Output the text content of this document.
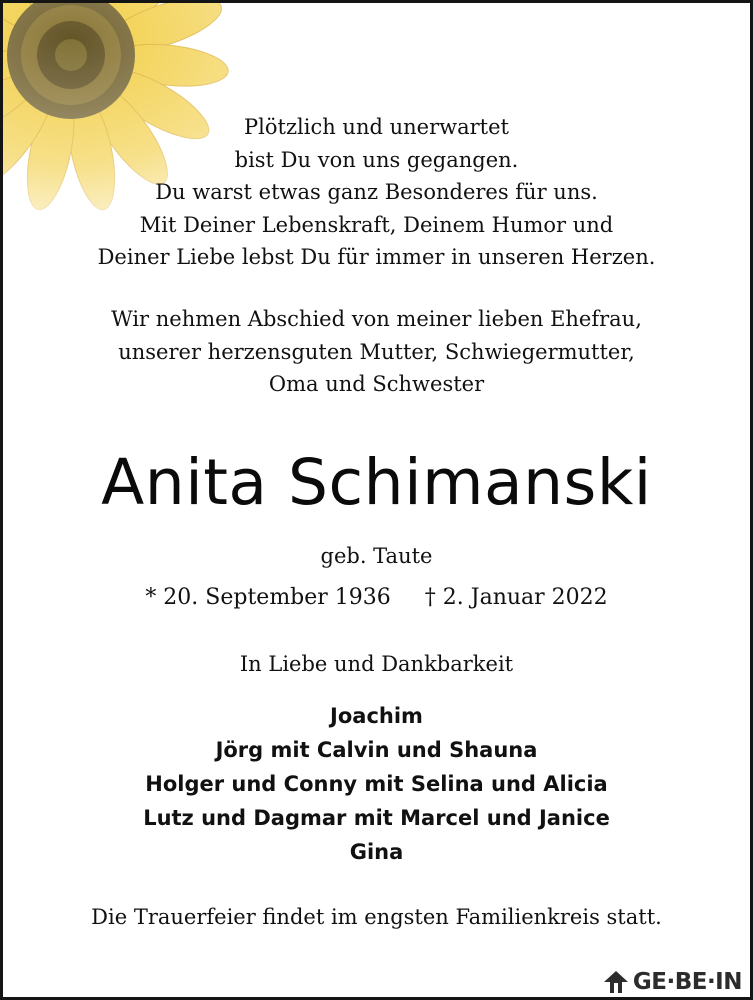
Plötzlich und unerwartet
bist Du von uns gegangen.
Du warst etwas ganz Besonderes für uns.
Mit Deiner Lebenskraft, Deinem Humor und
Deiner Liebe lebst Du für immer in unseren Herzen.
Wir nehmen Abschied von meiner lieben Ehefrau,
unserer herzensguten Mutter, Schwiegermutter,
Oma und Schwester
Anita Schimanski
geb. Taute
* 20. September 1936 † 2. Januar 2022
In Liebe und Dankbarkeit
Joachim
Jörg mit Calvin und Shauna
Holger und Conny mit Selina und Alicia
Lutz und Dagmar mit Marcel und Janice
Gina
Die Trauerfeier findet im engsten Familienkreis statt.
GE·BE·IN
